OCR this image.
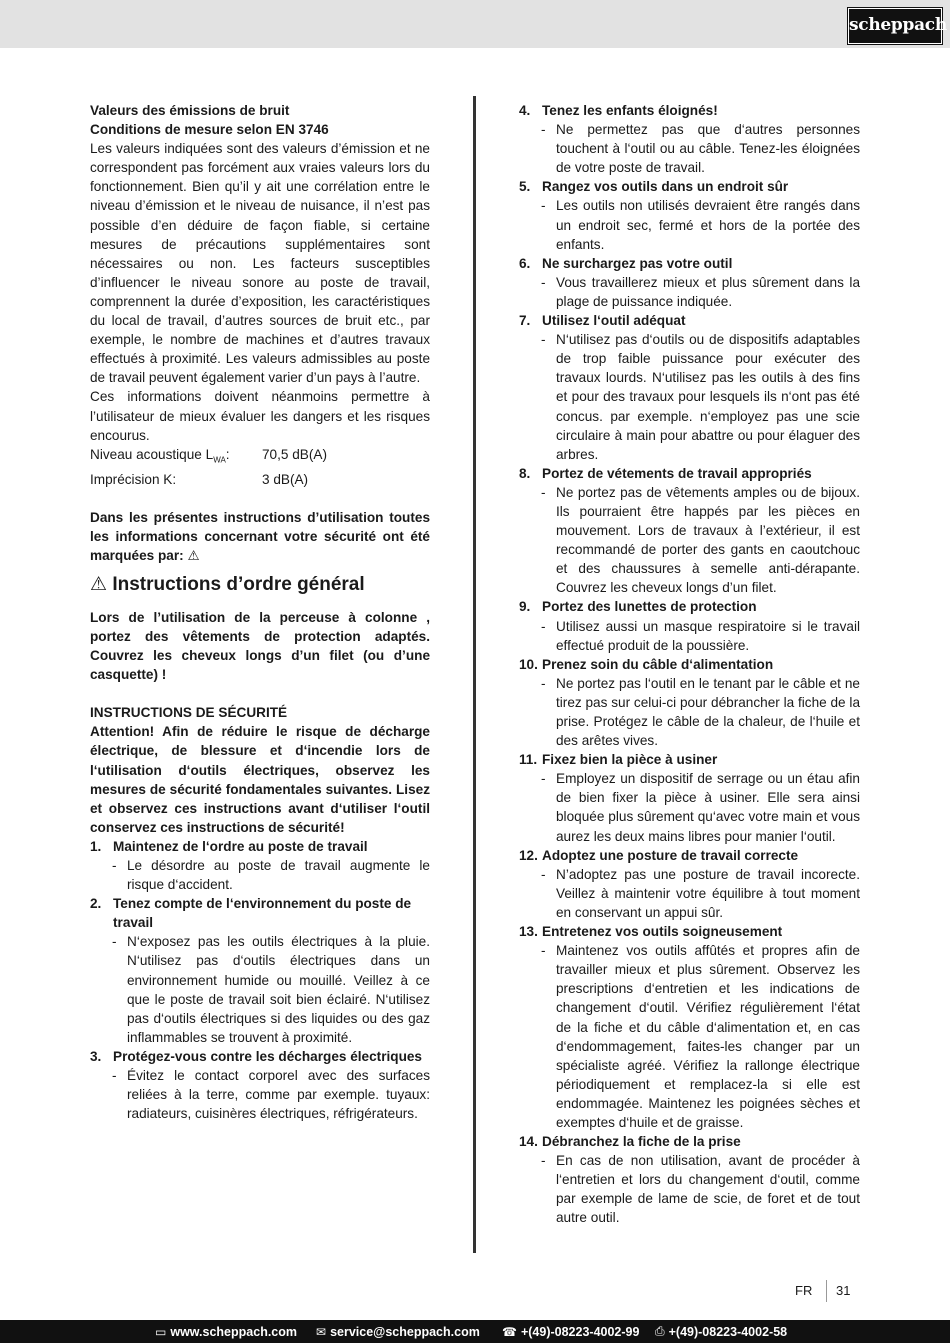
scheppach

Valeurs des émissions de bruit

Conditions de mesure selon EN 3746

Les valeurs indiquées sont des valeurs d’émission et ne correspondent pas forcément aux vraies valeurs lors du fonctionnement. Bien qu’il y ait une corrélation entre le niveau d’émission et le niveau de nuisance, il n’est pas possible d’en déduire de façon fiable, si certaine mesures de précautions supplémentaires sont nécessaires ou non. Les facteurs susceptibles d’influencer le niveau sonore au poste de travail, comprennent la durée d’exposition, les caractéristiques du local de travail, d’autres sources de bruit etc., par exemple, le nombre de machines et d’autres travaux effectués à proximité. Les valeurs admissibles au poste de travail peuvent également varier d’un pays à l’autre.

Ces informations doivent néanmoins permettre à l’utilisateur de mieux évaluer les dangers et les risques encourus.

Niveau acoustique $L_{WA}$:	70,5 dB(A)
Imprécision K:	3 dB(A)

Dans les présentes instructions d’utilisation toutes les informations concernant votre sécurité ont été marquées par: ⚠

⚠ Instructions d’ordre général

Lors de l’utilisation de la perceuse à colonne , portez des vêtements de protection adaptés. Couvrez les cheveux longs d’un filet (ou d’une casquette) !

INSTRUCTIONS DE SÉCURITÉ

Attention! Afin de réduire le risque de décharge électrique, de blessure et d‘incendie lors de l‘utilisation d‘outils électriques, observez les mesures de sécurité fondamentales suivantes. Lisez et observez ces instructions avant d‘utiliser l‘outil conservez ces instructions de sécurité!

1. Maintenez de l‘ordre au poste de travail
- Le désordre au poste de travail augmente le risque d‘accident.
2. Tenez compte de l‘environnement du poste de travail
- N‘exposez pas les outils électriques à la pluie. N‘utilisez pas d‘outils électriques dans un environnement humide ou mouillé. Veillez à ce que le poste de travail soit bien éclairé. N‘utilisez pas d‘outils électriques si des liquides ou des gaz inflammables se trouvent à proximité.
3. Protégez-vous contre les décharges électriques
- Évitez le contact corporel avec des surfaces reliées à la terre, comme par exemple. tuyaux: radiateurs, cuisinères électriques, réfrigérateurs.
4. Tenez les enfants éloignés!
- Ne permettez pas que d‘autres personnes touchent à l‘outil ou au câble. Tenez-les éloignées de votre poste de travail.
5. Rangez vos outils dans un endroit sûr
- Les outils non utilisés devraient être rangés dans un endroit sec, fermé et hors de la portée des enfants.
6. Ne surchargez pas votre outil
- Vous travaillerez mieux et plus sûrement dans la plage de puissance indiquée.
7. Utilisez l‘outil adéquat
- N‘utilisez pas d‘outils ou de dispositifs adaptables de trop faible puissance pour exécuter des travaux lourds. N‘utilisez pas les outils à des fins et pour des travaux pour lesquels ils n‘ont pas été concus. par exemple. n‘employez pas une scie circulaire à main pour abattre ou pour élaguer des arbres.
8. Portez de vétements de travail appropriés
- Ne portez pas de vêtements amples ou de bijoux. Ils pourraient être happés par les pièces en mouvement. Lors de travaux à l’extérieur, il est recommandé de porter des gants en caoutchouc et des chaussures à semelle anti-dérapante. Couvrez les cheveux longs d’un filet.
9. Portez des lunettes de protection
- Utilisez aussi un masque respiratoire si le travail effectué produit de la poussière.
10. Prenez soin du câble d‘alimentation
- Ne portez pas l‘outil en le tenant par le câble et ne tirez pas sur celui-ci pour débrancher la fiche de la prise. Protégez le câble de la chaleur, de l‘huile et des arêtes vives.
11. Fixez bien la pièce à usiner
- Employez un dispositif de serrage ou un étau afin de bien fixer la pièce à usiner. Elle sera ainsi bloquée plus sûrement qu‘avec votre main et vous aurez les deux mains libres pour manier l‘outil.
12. Adoptez une posture de travail correcte
- N’adoptez pas une posture de travail incorecte. Veillez à maintenir votre équilibre à tout moment en conservant un appui sûr.
13. Entretenez vos outils soigneusement
- Maintenez vos outils affûtés et propres afin de travailler mieux et plus sûrement. Observez les prescriptions d‘entretien et les indications de changement d‘outil. Vérifiez régulièrement l‘état de la fiche et du câble d‘alimentation et, en cas d‘endommagement, faites-les changer par un spécialiste agréé. Vérifiez la rallonge électrique périodiquement et remplacez-la si elle est endommagée. Maintenez les poignées sèches et exemptes d‘huile et de graisse.
14. Débranchez la fiche de la prise
- En cas de non utilisation, avant de procéder à l‘entretien et lors du changement d‘outil, comme par exemple de lame de scie, de foret et de tout autre outil.
FR 31
▭ www.scheppach.com ✉ service@scheppach.com ☎ +(49)-08223-4002-99 ⎙ +(49)-08223-4002-58
